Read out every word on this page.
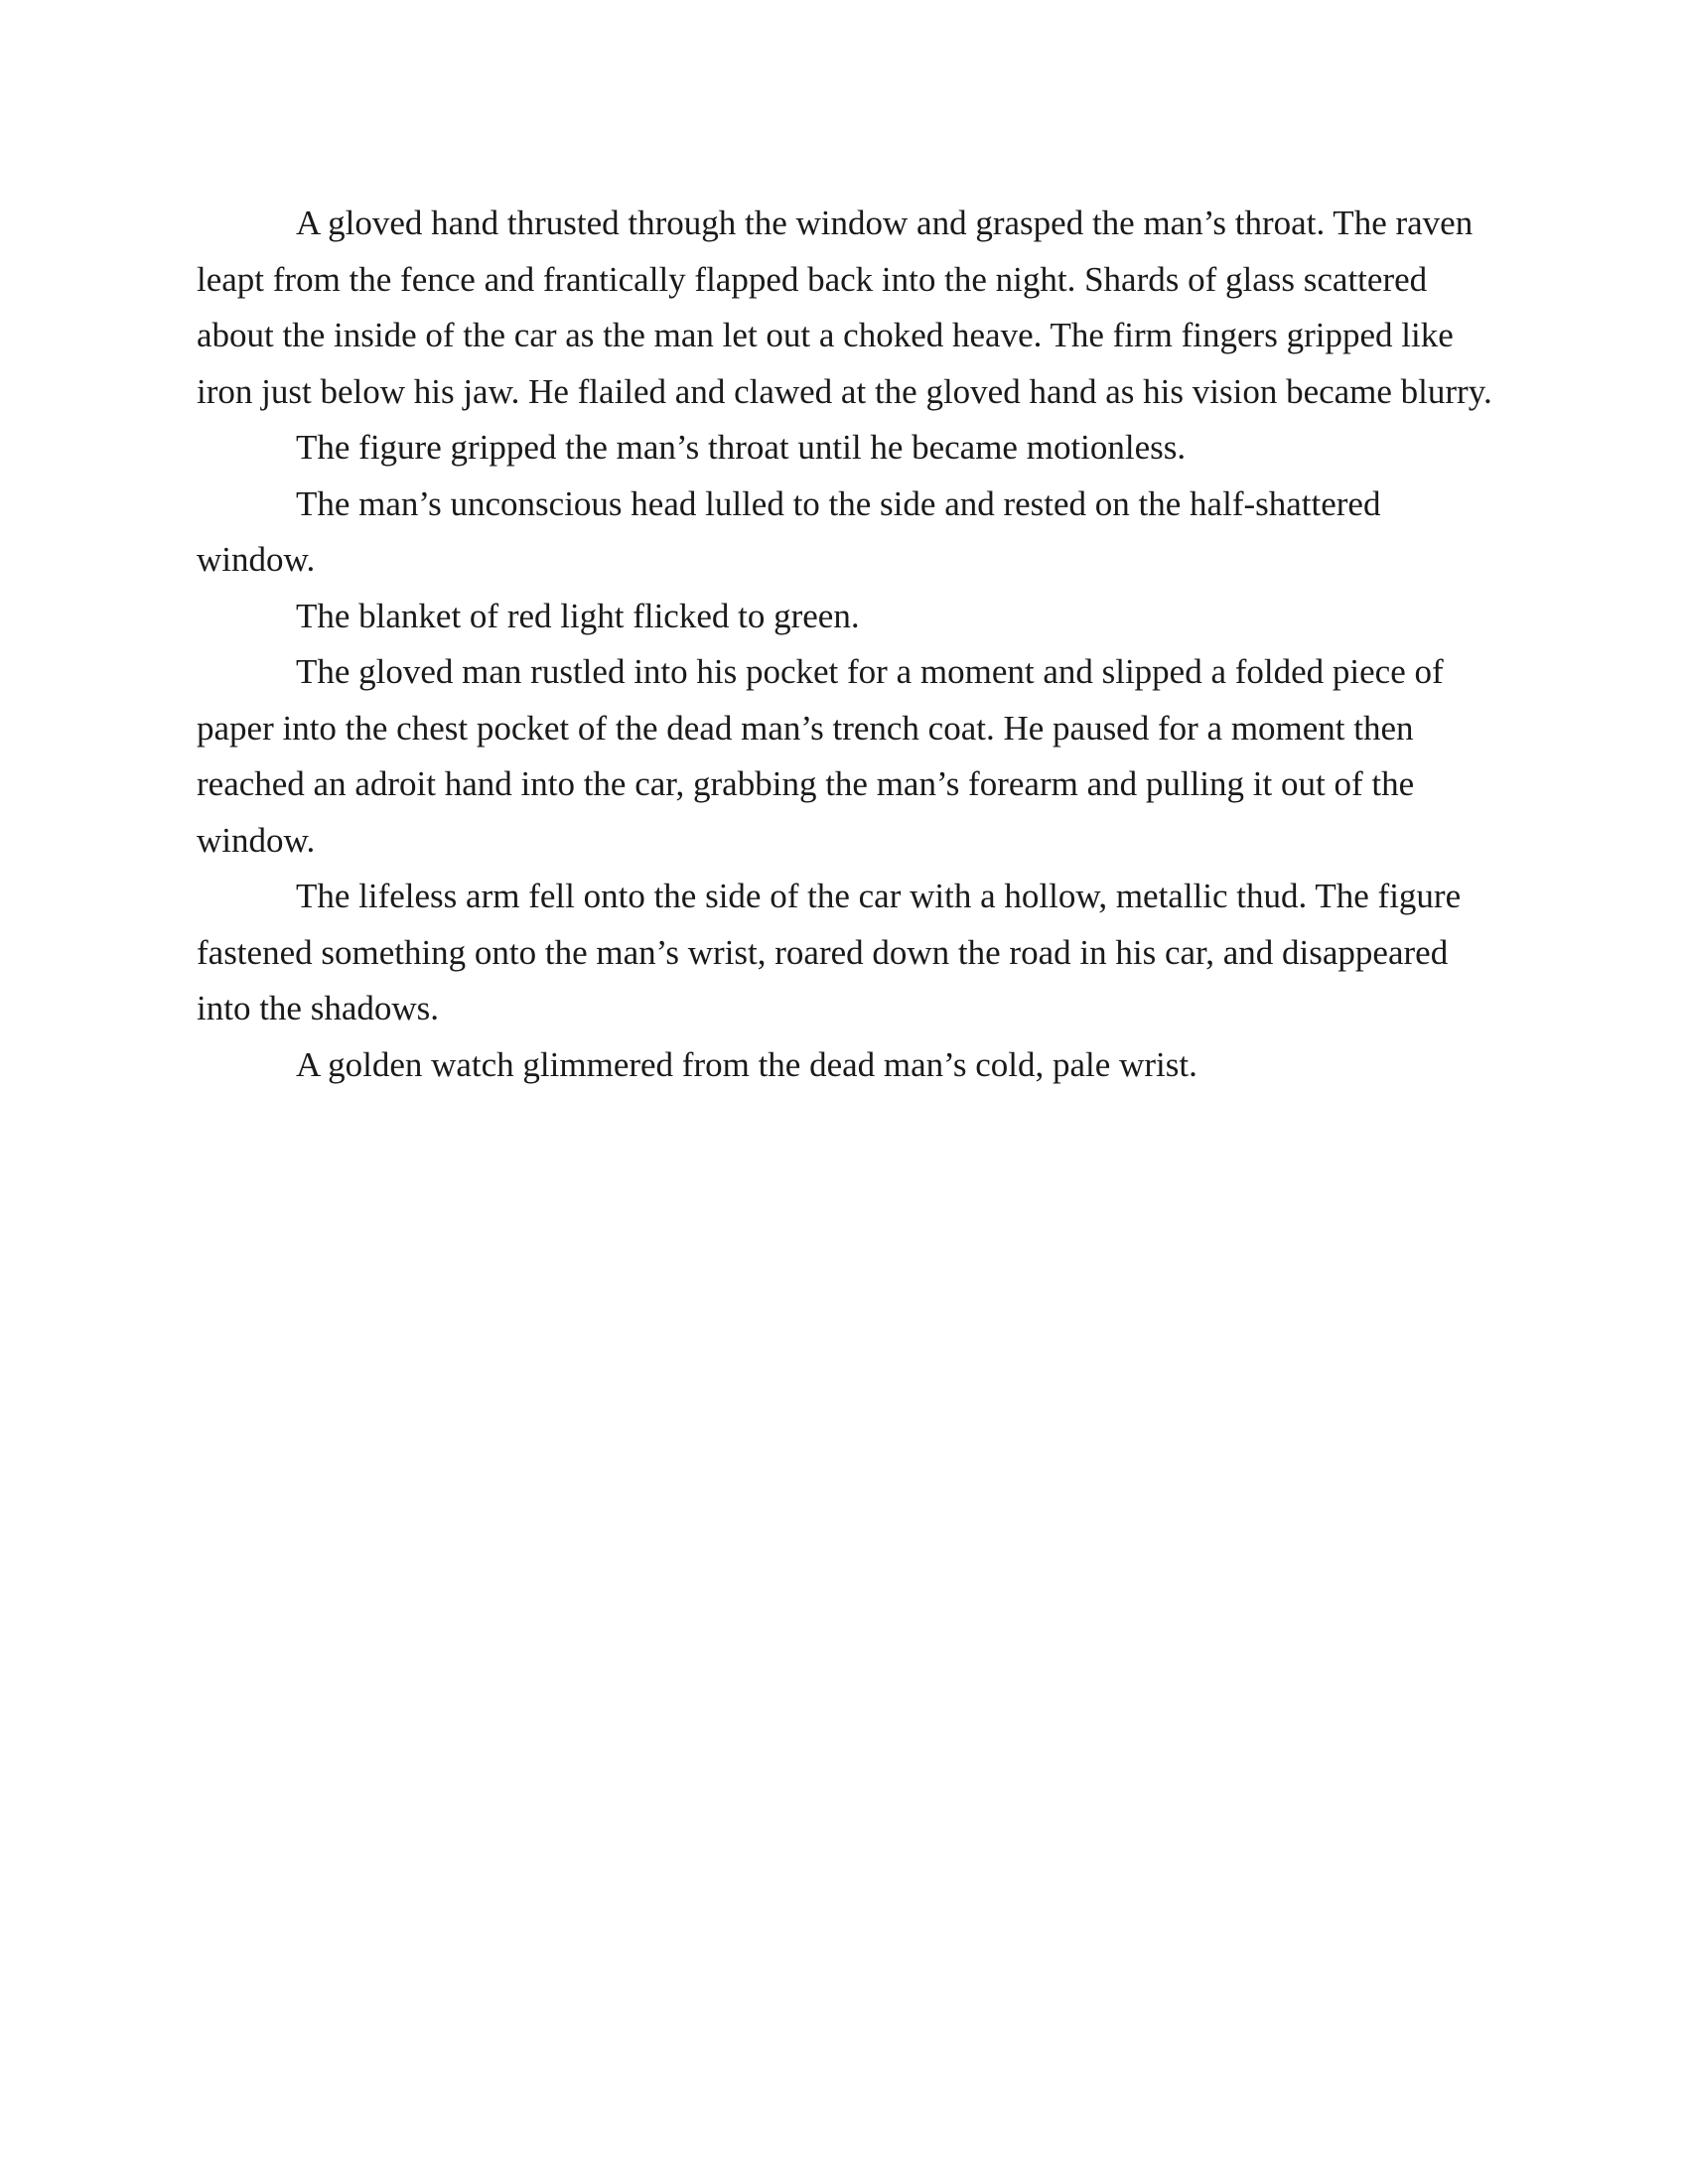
A gloved hand thrusted through the window and grasped the man’s throat. The raven leapt from the fence and frantically flapped back into the night. Shards of glass scattered about the inside of the car as the man let out a choked heave. The firm fingers gripped like iron just below his jaw. He flailed and clawed at the gloved hand as his vision became blurry.

The figure gripped the man’s throat until he became motionless.

The man’s unconscious head lulled to the side and rested on the half-shattered window.

The blanket of red light flicked to green.

The gloved man rustled into his pocket for a moment and slipped a folded piece of paper into the chest pocket of the dead man’s trench coat. He paused for a moment then reached an adroit hand into the car, grabbing the man’s forearm and pulling it out of the window.

The lifeless arm fell onto the side of the car with a hollow, metallic thud. The figure fastened something onto the man’s wrist, roared down the road in his car, and disappeared into the shadows.

A golden watch glimmered from the dead man’s cold, pale wrist.
